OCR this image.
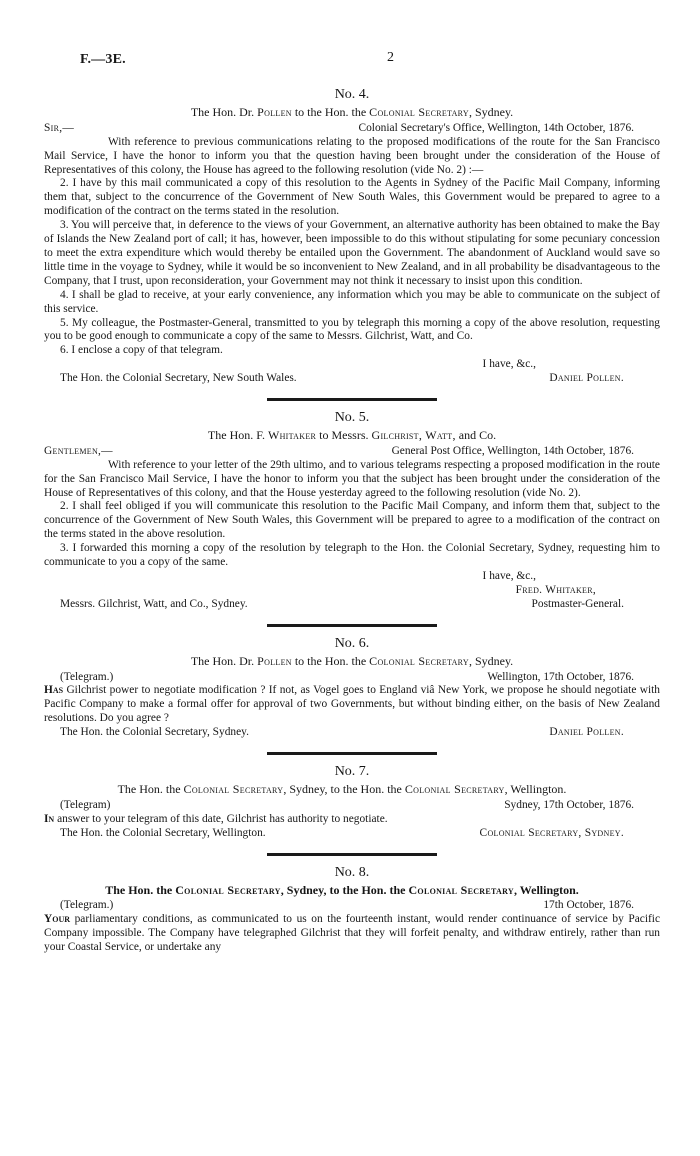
F.—3E.	2
No. 4.
The Hon. Dr. Pollen to the Hon. the Colonial Secretary, Sydney.
Sir,—	Colonial Secretary's Office, Wellington, 14th October, 1876.

With reference to previous communications relating to the proposed modifications of the route for the San Francisco Mail Service, I have the honor to inform you that the question having been brought under the consideration of the House of Representatives of this colony, the House has agreed to the following resolution (vide No. 2) :—

2. I have by this mail communicated a copy of this resolution to the Agents in Sydney of the Pacific Mail Company, informing them that, subject to the concurrence of the Government of New South Wales, this Government would be prepared to agree to a modification of the contract on the terms stated in the resolution.

3. You will perceive that, in deference to the views of your Government, an alternative authority has been obtained to make the Bay of Islands the New Zealand port of call; it has, however, been impossible to do this without stipulating for some pecuniary concession to meet the extra expenditure which would thereby be entailed upon the Government. The abandonment of Auckland would save so little time in the voyage to Sydney, while it would be so inconvenient to New Zealand, and in all probability be disadvantageous to the Company, that I trust, upon reconsideration, your Government may not think it necessary to insist upon this condition.

4. I shall be glad to receive, at your early convenience, any information which you may be able to communicate on the subject of this service.

5. My colleague, the Postmaster-General, transmitted to you by telegraph this morning a copy of the above resolution, requesting you to be good enough to communicate a copy of the same to Messrs. Gilchrist, Watt, and Co.

6. I enclose a copy of that telegram.

I have, &c.,
The Hon. the Colonial Secretary, New South Wales.	Daniel Pollen.
No. 5.
The Hon. F. Whitaker to Messrs. Gilchrist, Watt, and Co.
Gentlemen,—	General Post Office, Wellington, 14th October, 1876.

With reference to your letter of the 29th ultimo, and to various telegrams respecting a proposed modification in the route for the San Francisco Mail Service, I have the honor to inform you that the subject has been brought under the consideration of the House of Representatives of this colony, and that the House yesterday agreed to the following resolution (vide No. 2).

2. I shall feel obliged if you will communicate this resolution to the Pacific Mail Company, and inform them that, subject to the concurrence of the Government of New South Wales, this Government will be prepared to agree to a modification of the contract on the terms stated in the above resolution.

3. I forwarded this morning a copy of the resolution by telegraph to the Hon. the Colonial Secretary, Sydney, requesting him to communicate to you a copy of the same.

I have, &c.,
Fred. Whitaker,
Messrs. Gilchrist, Watt, and Co., Sydney.	Postmaster-General.
No. 6.
The Hon. Dr. Pollen to the Hon. the Colonial Secretary, Sydney.
(Telegram.)	Wellington, 17th October, 1876.

Has Gilchrist power to negotiate modification ? If not, as Vogel goes to England viâ New York, we propose he should negotiate with Pacific Company to make a formal offer for approval of two Governments, but without binding either, on the basis of New Zealand resolutions. Do you agree ?

The Hon. the Colonial Secretary, Sydney.	Daniel Pollen.
No. 7.
The Hon. the Colonial Secretary, Sydney, to the Hon. the Colonial Secretary, Wellington.
(Telegram)	Sydney, 17th October, 1876.

In answer to your telegram of this date, Gilchrist has authority to negotiate.

The Hon. the Colonial Secretary, Wellington.	Colonial Secretary, Sydney.
No. 8.
The Hon. the Colonial Secretary, Sydney, to the Hon. the Colonial Secretary, Wellington.
(Telegram.)	17th October, 1876.

Your parliamentary conditions, as communicated to us on the fourteenth instant, would render continuance of service by Pacific Company impossible. The Company have telegraphed Gilchrist that they will forfeit penalty, and withdraw entirely, rather than run your Coastal Service, or undertake any
